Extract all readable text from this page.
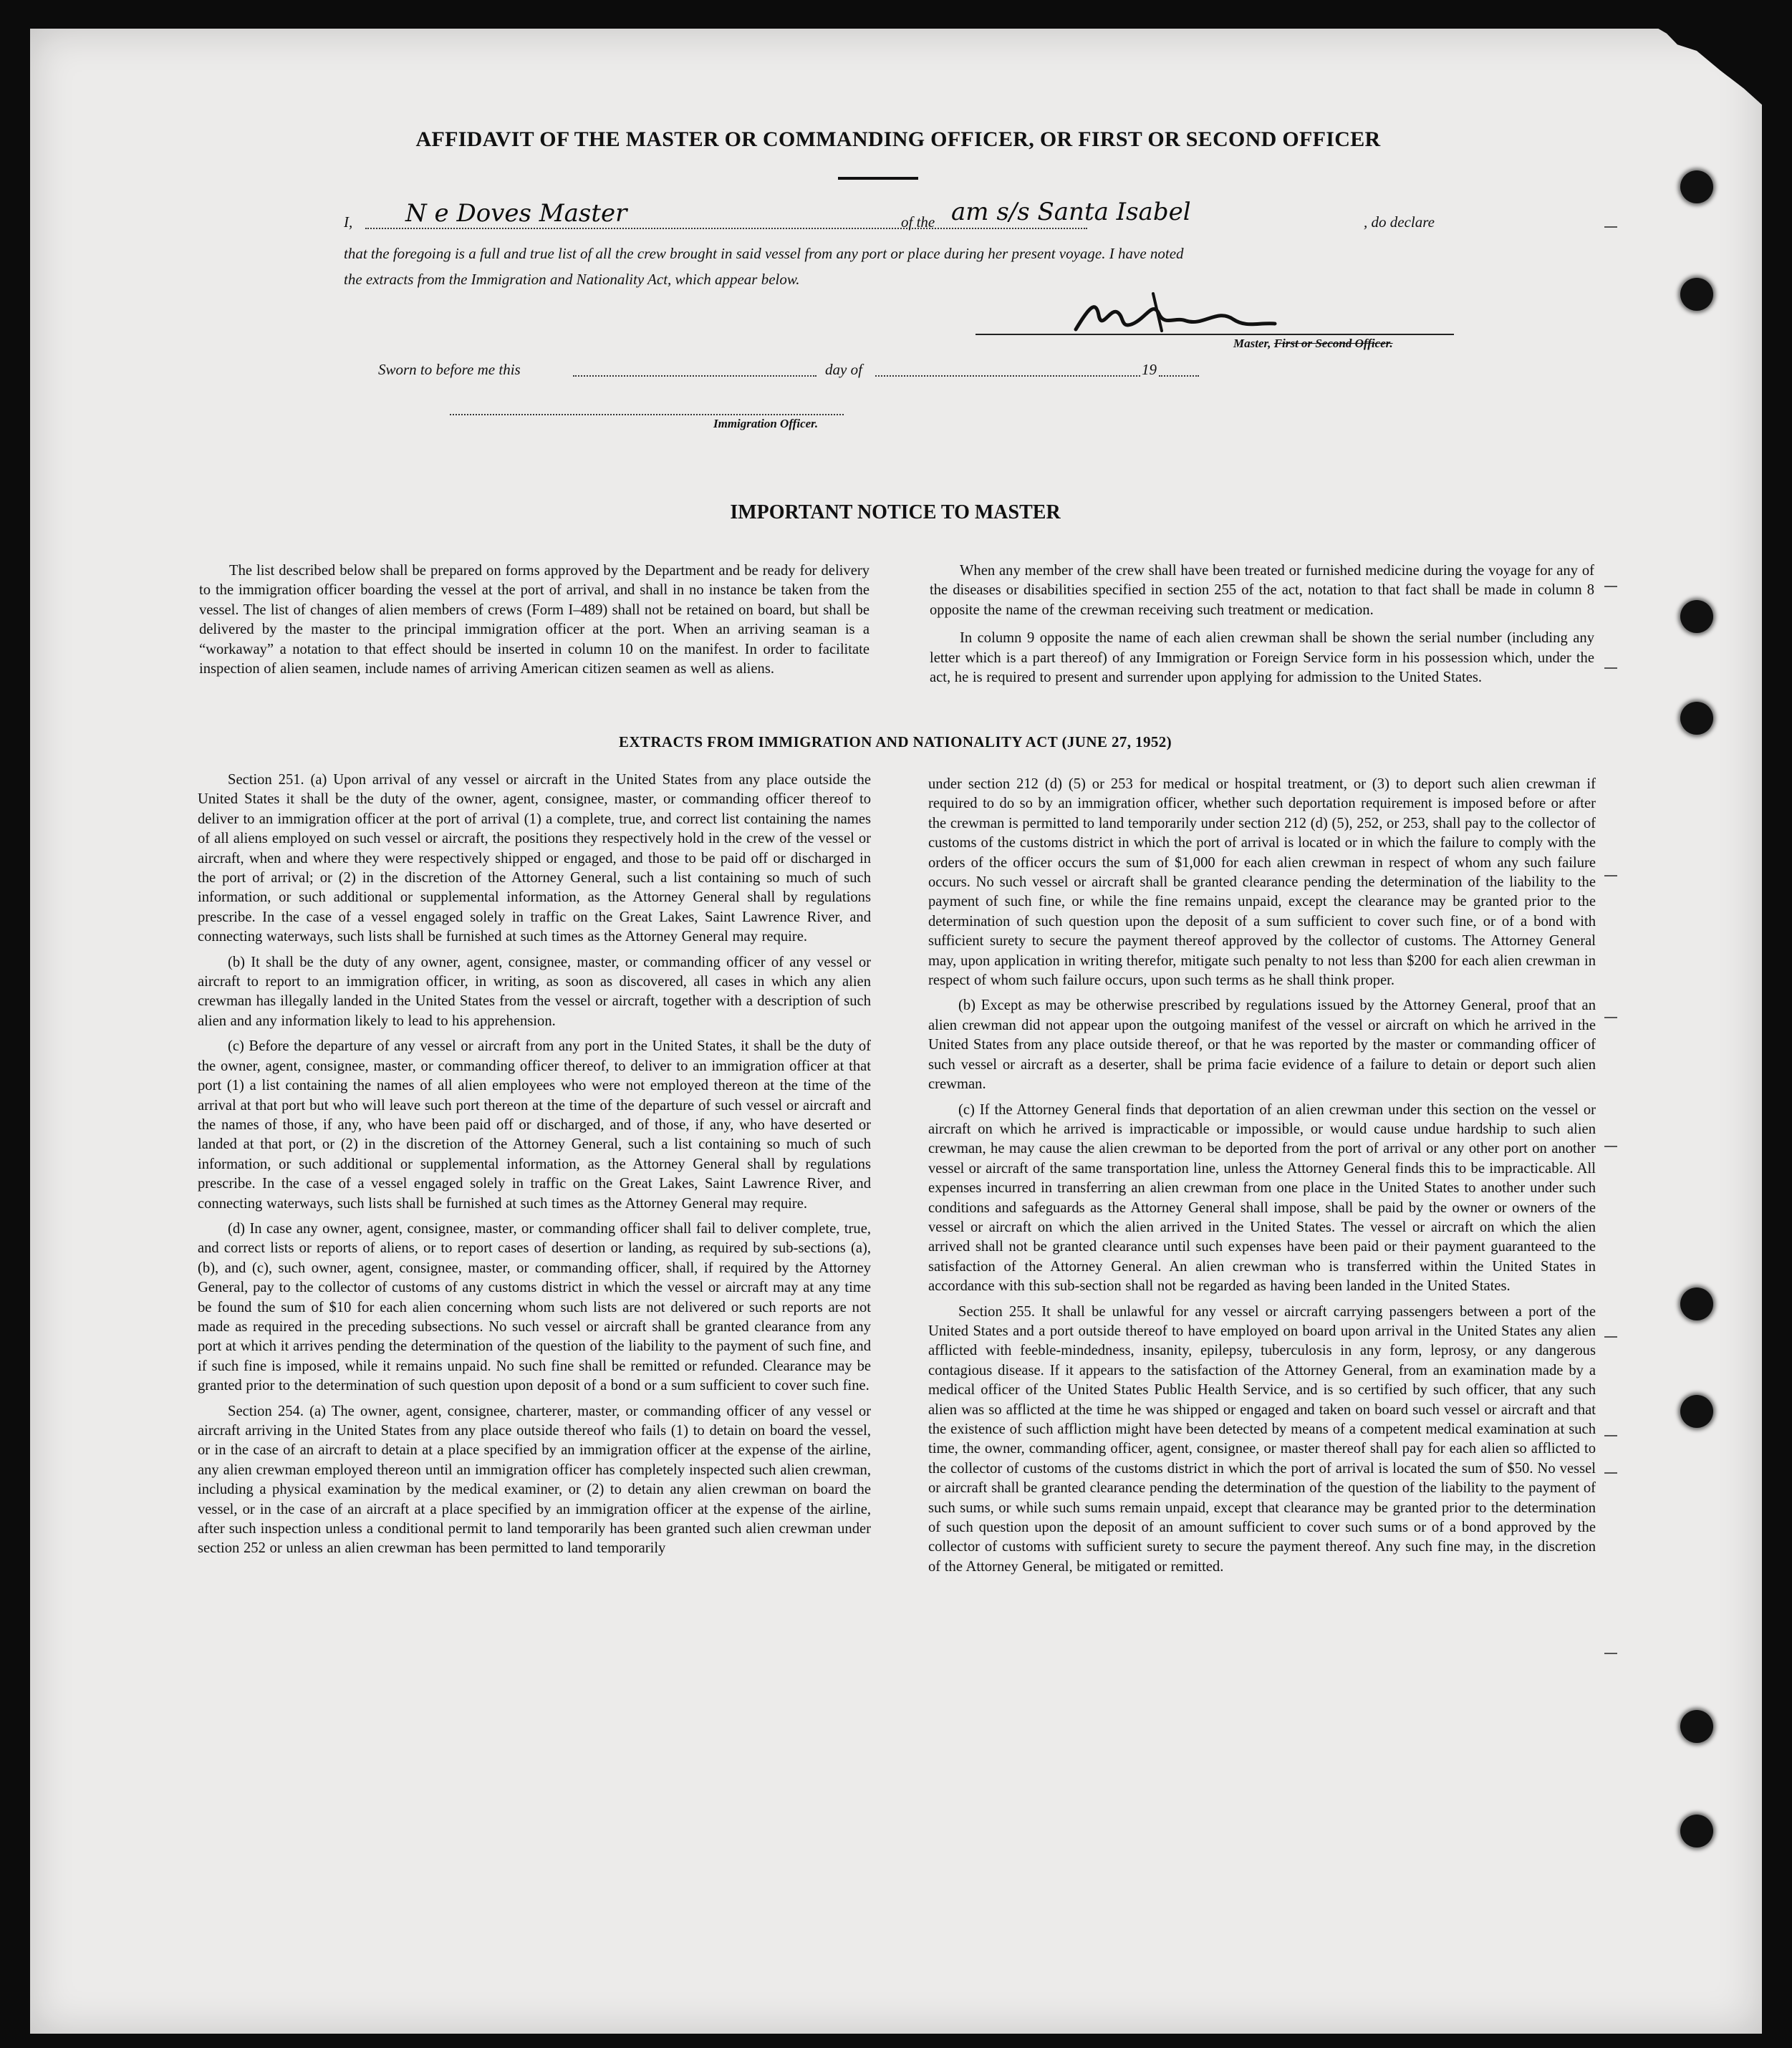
AFFIDAVIT OF THE MASTER OR COMMANDING OFFICER, OR FIRST OR SECOND OFFICER
I, N e Doves Master	of the am s/s Santa Isabel	, do declare
that the foregoing is a full and true list of all the crew brought in said vessel from any port or place during her present voyage. I have noted
the extracts from the Immigration and Nationality Act, which appear below.
Master, First or Second Officer.
Sworn to before me this	day of	19
Immigration Officer.
IMPORTANT NOTICE TO MASTER

The list described below shall be prepared on forms approved by the Department and be ready for delivery to the immigration officer boarding the vessel at the port of arrival, and shall in no instance be taken from the vessel. The list of changes of alien members of crews (Form I–489) shall not be retained on board, but shall be delivered by the master to the principal immigration officer at the port. When an arriving seaman is a “workaway” a notation to that effect should be inserted in column 10 on the manifest. In order to facilitate inspection of alien seamen, include names of arriving American citizen seamen as well as aliens.

When any member of the crew shall have been treated or furnished medicine during the voyage for any of the diseases or disabilities specified in section 255 of the act, notation to that fact shall be made in column 8 opposite the name of the crewman receiving such treatment or medication.

In column 9 opposite the name of each alien crewman shall be shown the serial number (including any letter which is a part thereof) of any Immigration or Foreign Service form in his possession which, under the act, he is required to present and surrender upon applying for admission to the United States.

EXTRACTS FROM IMMIGRATION AND NATIONALITY ACT (JUNE 27, 1952)

Section 251. (a) Upon arrival of any vessel or aircraft in the United States from any place outside the United States it shall be the duty of the owner, agent, consignee, master, or commanding officer thereof to deliver to an immigration officer at the port of arrival (1) a complete, true, and correct list containing the names of all aliens employed on such vessel or aircraft, the positions they respectively hold in the crew of the vessel or aircraft, when and where they were respectively shipped or engaged, and those to be paid off or discharged in the port of arrival; or (2) in the discretion of the Attorney General, such a list containing so much of such information, or such additional or supplemental information, as the Attorney General shall by regulations prescribe. In the case of a vessel engaged solely in traffic on the Great Lakes, Saint Lawrence River, and connecting waterways, such lists shall be furnished at such times as the Attorney General may require.

(b) It shall be the duty of any owner, agent, consignee, master, or commanding officer of any vessel or aircraft to report to an immigration officer, in writing, as soon as discovered, all cases in which any alien crewman has illegally landed in the United States from the vessel or aircraft, together with a description of such alien and any information likely to lead to his apprehension.

(c) Before the departure of any vessel or aircraft from any port in the United States, it shall be the duty of the owner, agent, consignee, master, or commanding officer thereof, to deliver to an immigration officer at that port (1) a list containing the names of all alien employees who were not employed thereon at the time of the arrival at that port but who will leave such port thereon at the time of the departure of such vessel or aircraft and the names of those, if any, who have been paid off or discharged, and of those, if any, who have deserted or landed at that port, or (2) in the discretion of the Attorney General, such a list containing so much of such information, or such additional or supplemental information, as the Attorney General shall by regulations prescribe. In the case of a vessel engaged solely in traffic on the Great Lakes, Saint Lawrence River, and connecting waterways, such lists shall be furnished at such times as the Attorney General may require.

(d) In case any owner, agent, consignee, master, or commanding officer shall fail to deliver complete, true, and correct lists or reports of aliens, or to report cases of desertion or landing, as required by sub-sections (a), (b), and (c), such owner, agent, consignee, master, or commanding officer, shall, if required by the Attorney General, pay to the collector of customs of any customs district in which the vessel or aircraft may at any time be found the sum of $10 for each alien concerning whom such lists are not delivered or such reports are not made as required in the preceding subsections. No such vessel or aircraft shall be granted clearance from any port at which it arrives pending the determination of the question of the liability to the payment of such fine, and if such fine is imposed, while it remains unpaid. No such fine shall be remitted or refunded. Clearance may be granted prior to the determination of such question upon deposit of a bond or a sum sufficient to cover such fine.

Section 254. (a) The owner, agent, consignee, charterer, master, or commanding officer of any vessel or aircraft arriving in the United States from any place outside thereof who fails (1) to detain on board the vessel, or in the case of an aircraft to detain at a place specified by an immigration officer at the expense of the airline, any alien crewman employed thereon until an immigration officer has completely inspected such alien crewman, including a physical examination by the medical examiner, or (2) to detain any alien crewman on board the vessel, or in the case of an aircraft at a place specified by an immigration officer at the expense of the airline, after such inspection unless a conditional permit to land temporarily has been granted such alien crewman under section 252 or unless an alien crewman has been permitted to land temporarily

under section 212 (d) (5) or 253 for medical or hospital treatment, or (3) to deport such alien crewman if required to do so by an immigration officer, whether such deportation requirement is imposed before or after the crewman is permitted to land temporarily under section 212 (d) (5), 252, or 253, shall pay to the collector of customs of the customs district in which the port of arrival is located or in which the failure to comply with the orders of the officer occurs the sum of $1,000 for each alien crewman in respect of whom any such failure occurs. No such vessel or aircraft shall be granted clearance pending the determination of the liability to the payment of such fine, or while the fine remains unpaid, except the clearance may be granted prior to the determination of such question upon the deposit of a sum sufficient to cover such fine, or of a bond with sufficient surety to secure the payment thereof approved by the collector of customs. The Attorney General may, upon application in writing therefor, mitigate such penalty to not less than $200 for each alien crewman in respect of whom such failure occurs, upon such terms as he shall think proper.

(b) Except as may be otherwise prescribed by regulations issued by the Attorney General, proof that an alien crewman did not appear upon the outgoing manifest of the vessel or aircraft on which he arrived in the United States from any place outside thereof, or that he was reported by the master or commanding officer of such vessel or aircraft as a deserter, shall be prima facie evidence of a failure to detain or deport such alien crewman.

(c) If the Attorney General finds that deportation of an alien crewman under this section on the vessel or aircraft on which he arrived is impracticable or impossible, or would cause undue hardship to such alien crewman, he may cause the alien crewman to be deported from the port of arrival or any other port on another vessel or aircraft of the same transportation line, unless the Attorney General finds this to be impracticable. All expenses incurred in transferring an alien crewman from one place in the United States to another under such conditions and safeguards as the Attorney General shall impose, shall be paid by the owner or owners of the vessel or aircraft on which the alien arrived in the United States. The vessel or aircraft on which the alien arrived shall not be granted clearance until such expenses have been paid or their payment guaranteed to the satisfaction of the Attorney General. An alien crewman who is transferred within the United States in accordance with this sub-section shall not be regarded as having been landed in the United States.

Section 255. It shall be unlawful for any vessel or aircraft carrying passengers between a port of the United States and a port outside thereof to have employed on board upon arrival in the United States any alien afflicted with feeble-mindedness, insanity, epilepsy, tuberculosis in any form, leprosy, or any dangerous contagious disease. If it appears to the satisfaction of the Attorney General, from an examination made by a medical officer of the United States Public Health Service, and is so certified by such officer, that any such alien was so afflicted at the time he was shipped or engaged and taken on board such vessel or aircraft and that the existence of such affliction might have been detected by means of a competent medical examination at such time, the owner, commanding officer, agent, consignee, or master thereof shall pay for each alien so afflicted to the collector of customs of the customs district in which the port of arrival is located the sum of $50. No vessel or aircraft shall be granted clearance pending the determination of the question of the liability to the payment of such sums, or while such sums remain unpaid, except that clearance may be granted prior to the determination of such question upon the deposit of an amount sufficient to cover such sums or of a bond approved by the collector of customs with sufficient surety to secure the payment thereof. Any such fine may, in the discretion of the Attorney General, be mitigated or remitted.
